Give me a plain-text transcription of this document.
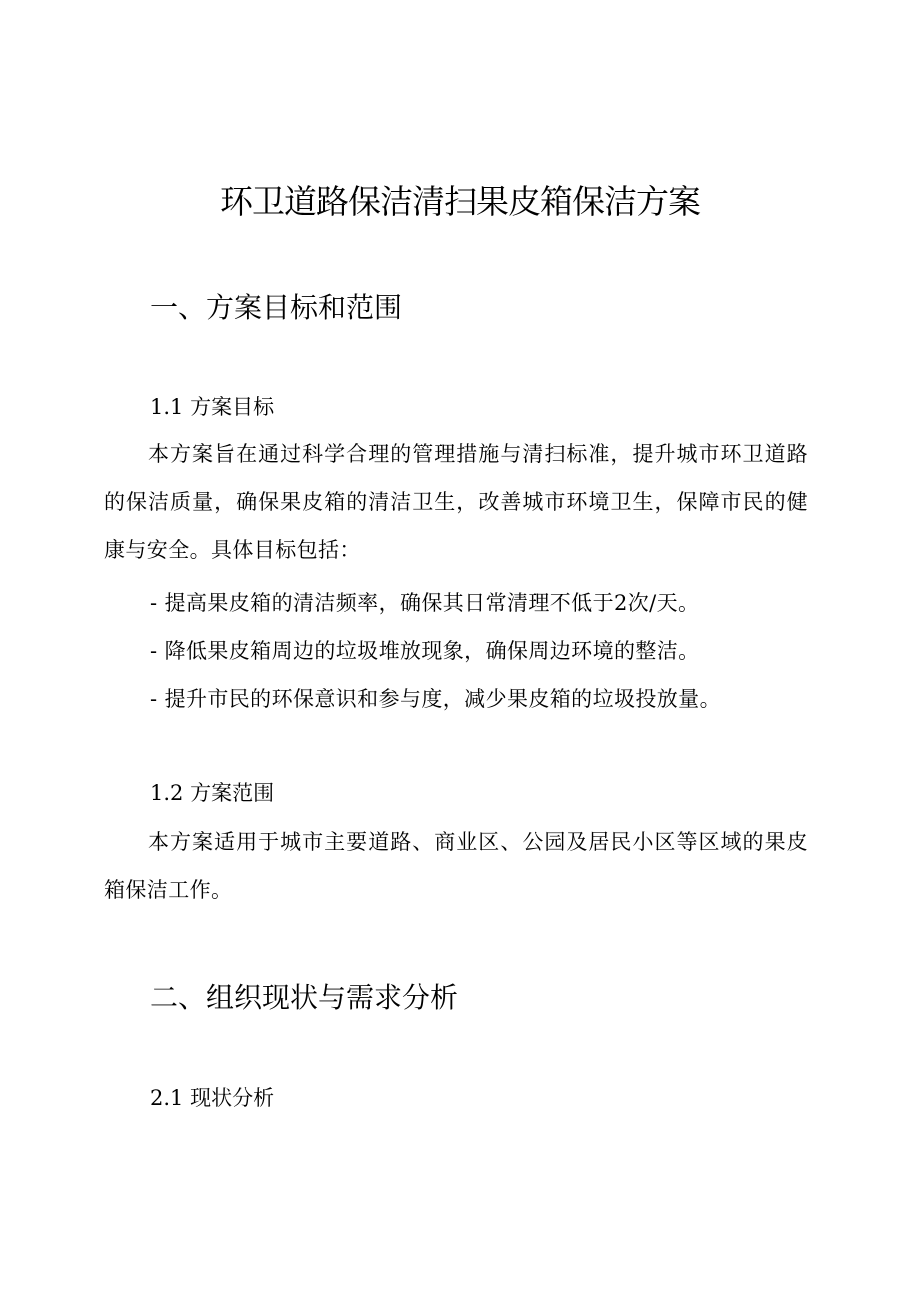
环卫道路保洁清扫果皮箱保洁方案
一、方案目标和范围
1.1 方案目标

本方案旨在通过科学合理的管理措施与清扫标准，提升城市环卫道路的保洁质量，确保果皮箱的清洁卫生，改善城市环境卫生，保障市民的健康与安全。具体目标包括：

- 提高果皮箱的清洁频率，确保其日常清理不低于2次/天。

- 降低果皮箱周边的垃圾堆放现象，确保周边环境的整洁。

- 提升市民的环保意识和参与度，减少果皮箱的垃圾投放量。

1.2 方案范围

本方案适用于城市主要道路、商业区、公园及居民小区等区域的果皮箱保洁工作。

二、组织现状与需求分析
2.1 现状分析
